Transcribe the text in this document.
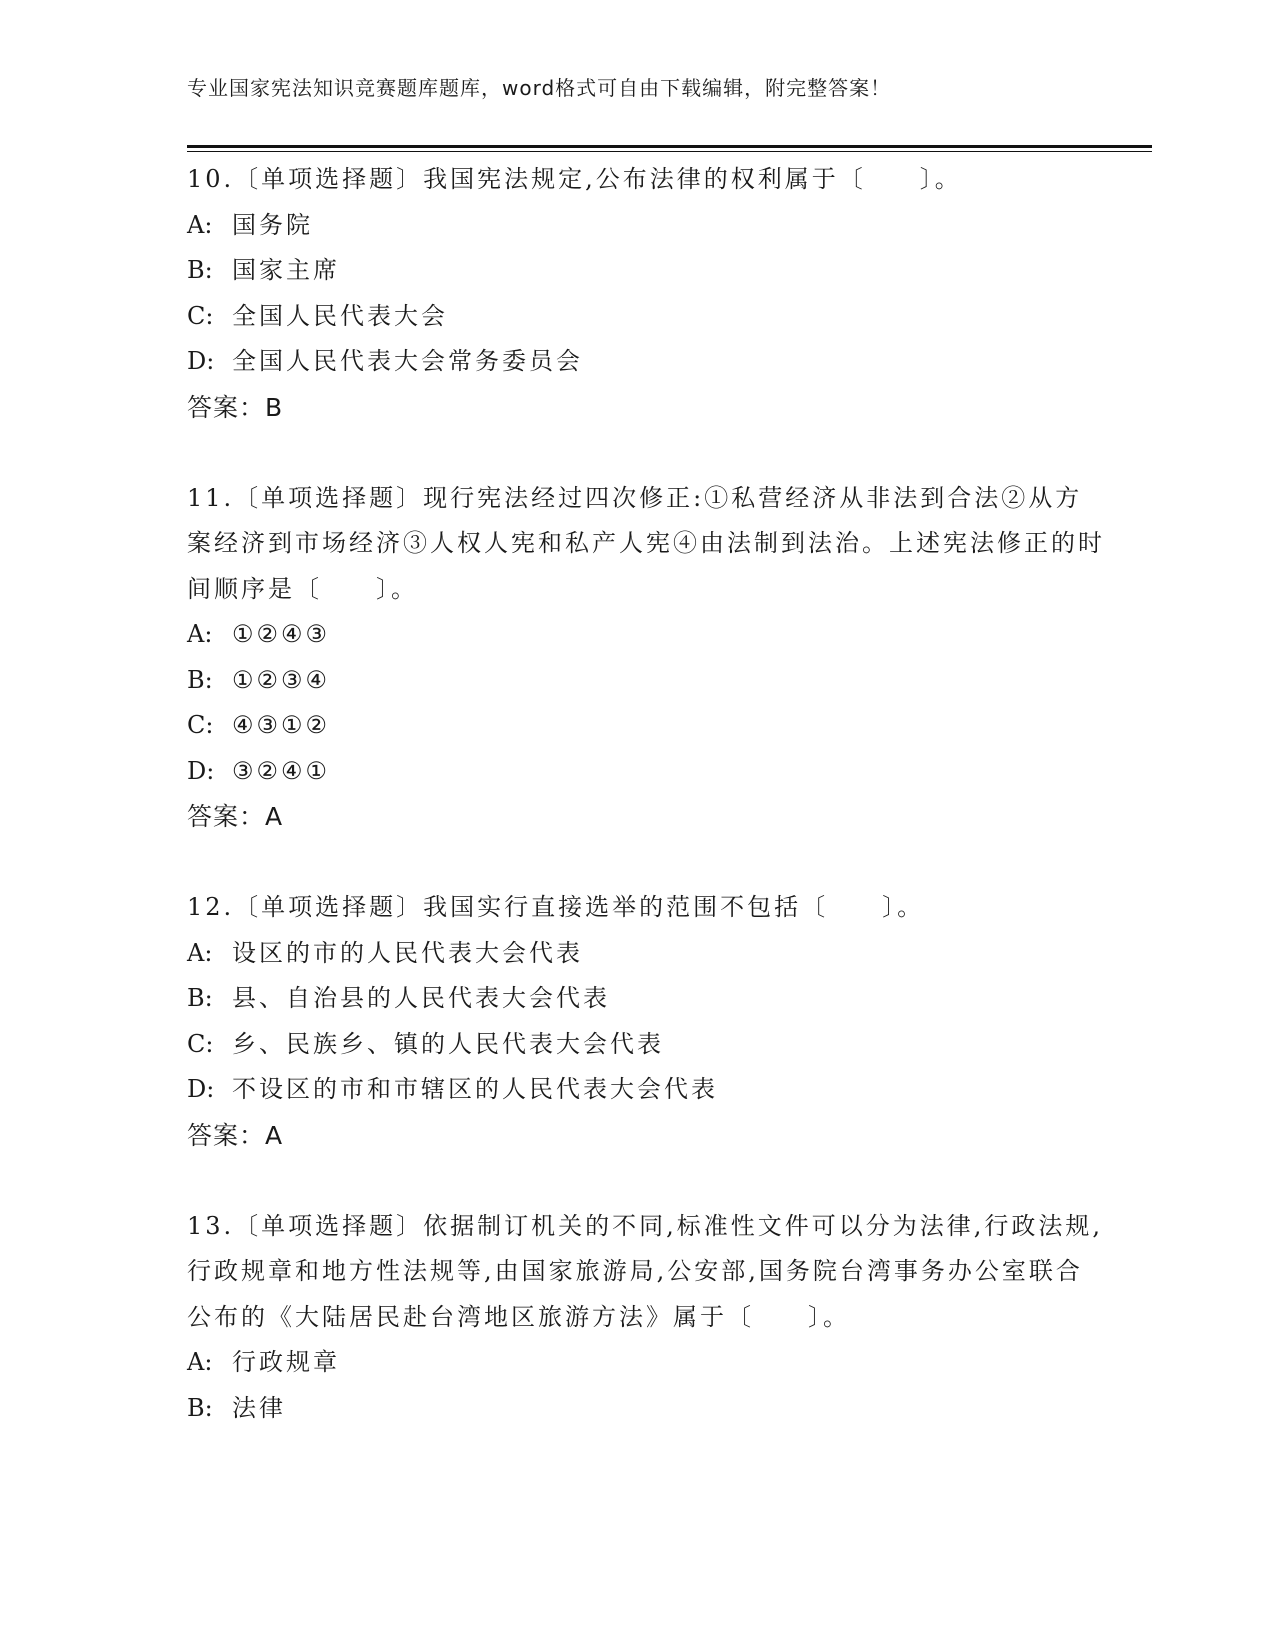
专业国家宪法知识竞赛题库题库，word格式可自由下载编辑，附完整答案！
10.〔单项选择题〕我国宪法规定,公布法律的权利属于〔　　〕。
A: 国务院
B: 国家主席
C: 全国人民代表大会
D: 全国人民代表大会常务委员会
答案：B
11.〔单项选择题〕现行宪法经过四次修正:①私营经济从非法到合法②从方案经济到市场经济③人权人宪和私产人宪④由法制到法治。上述宪法修正的时间顺序是〔　　〕。
A: ①②④③
B: ①②③④
C: ④③①②
D: ③②④①
答案：A
12.〔单项选择题〕我国实行直接选举的范围不包括〔　　〕。
A: 设区的市的人民代表大会代表
B: 县、自治县的人民代表大会代表
C: 乡、民族乡、镇的人民代表大会代表
D: 不设区的市和市辖区的人民代表大会代表
答案：A
13.〔单项选择题〕依据制订机关的不同,标准性文件可以分为法律,行政法规,行政规章和地方性法规等,由国家旅游局,公安部,国务院台湾事务办公室联合公布的《大陆居民赴台湾地区旅游方法》属于〔　　〕。
A: 行政规章
B: 法律
